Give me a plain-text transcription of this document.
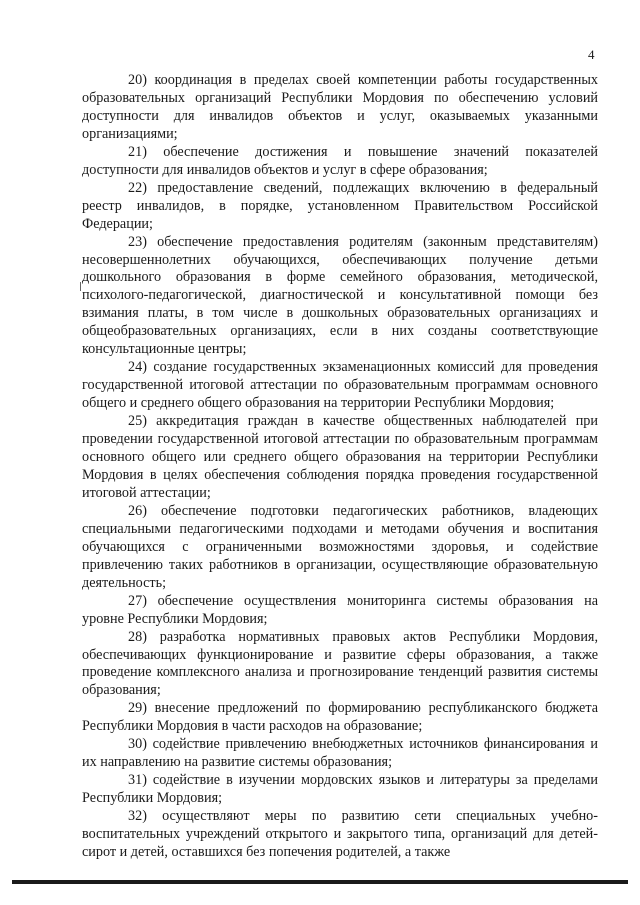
4

20) координация в пределах своей компетенции работы государственных образовательных организаций Республики Мордовия по обеспечению условий доступности для инвалидов объектов и услуг, оказываемых указанными организациями;

21) обеспечение достижения и повышение значений показателей доступности для инвалидов объектов и услуг в сфере образования;

22) предоставление сведений, подлежащих включению в федеральный реестр инвалидов, в порядке, установленном Правительством Российской Федерации;

23) обеспечение предоставления родителям (законным представителям) несовершеннолетних обучающихся, обеспечивающих получение детьми дошкольного образования в форме семейного образования, методической, психолого-педагогической, диагностической и консультативной помощи без взимания платы, в том числе в дошкольных образовательных организациях и общеобразовательных организациях, если в них созданы соответствующие консультационные центры;

24) создание государственных экзаменационных комиссий для проведения государственной итоговой аттестации по образовательным программам основного общего и среднего общего образования на территории Республики Мордовия;

25) аккредитация граждан в качестве общественных наблюдателей при проведении государственной итоговой аттестации по образовательным программам основного общего или среднего общего образования на территории Республики Мордовия в целях обеспечения соблюдения порядка проведения государственной итоговой аттестации;

26) обеспечение подготовки педагогических работников, владеющих специальными педагогическими подходами и методами обучения и воспитания обучающихся с ограниченными возможностями здоровья, и содействие привлечению таких работников в организации, осуществляющие образовательную деятельность;

27) обеспечение осуществления мониторинга системы образования на уровне Республики Мордовия;

28) разработка нормативных правовых актов Республики Мордовия, обеспечивающих функционирование и развитие сферы образования, а также проведение комплексного анализа и прогнозирование тенденций развития системы образования;

29) внесение предложений по формированию республиканского бюджета Республики Мордовия в части расходов на образование;

30) содействие привлечению внебюджетных источников финансирования и их направлению на развитие системы образования;

31) содействие в изучении мордовских языков и литературы за пределами Республики Мордовия;

32) осуществляют меры по развитию сети специальных учебно-воспитательных учреждений открытого и закрытого типа, организаций для детей-сирот и детей, оставшихся без попечения родителей, а также
